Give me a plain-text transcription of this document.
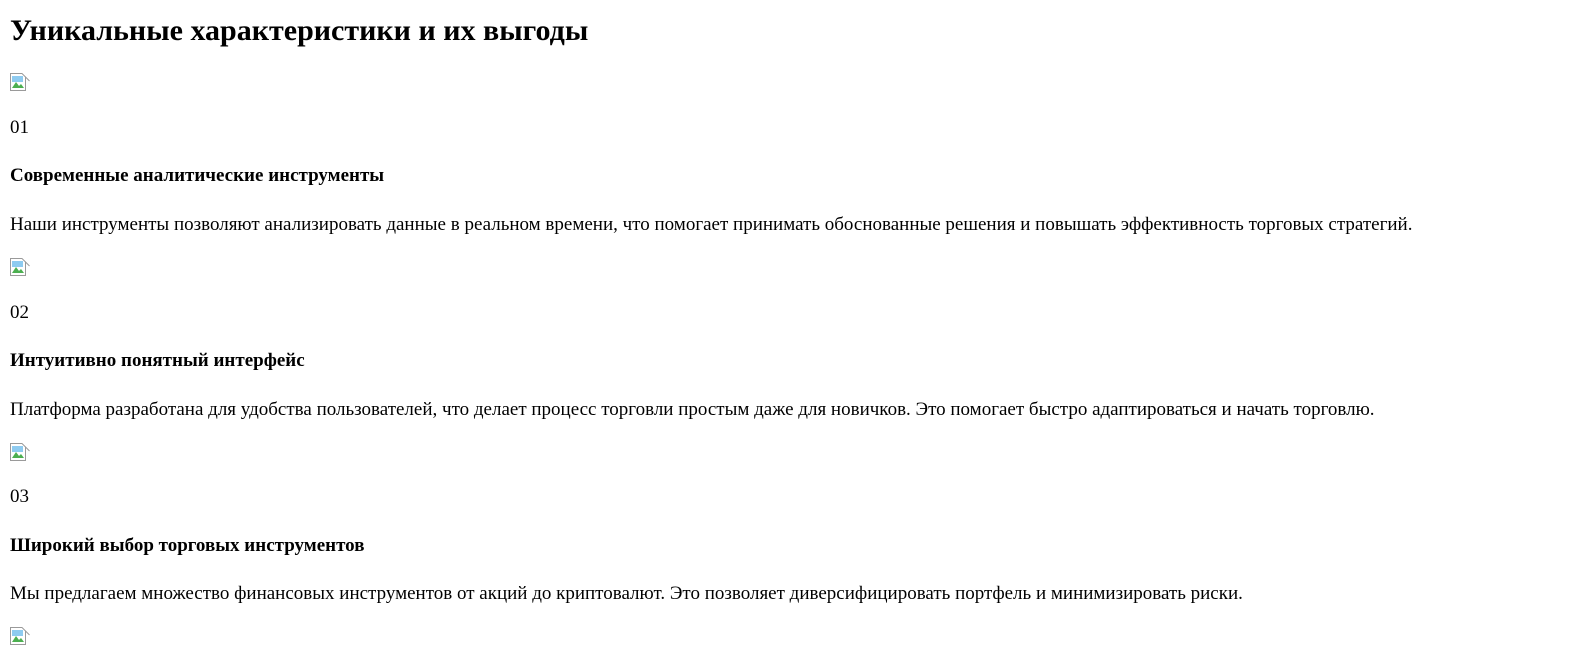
Уникальные характеристики и их выгоды
01
Современные аналитические инструменты

Наши инструменты позволяют анализировать данные в реальном времени, что помогает принимать обоснованные решения и повышать эффективность торговых стратегий.

02
Интуитивно понятный интерфейс

Платформа разработана для удобства пользователей, что делает процесс торговли простым даже для новичков. Это помогает быстро адаптироваться и начать торговлю.

03
Широкий выбор торговых инструментов

Мы предлагаем множество финансовых инструментов от акций до криптовалют. Это позволяет диверсифицировать портфель и минимизировать риски.
